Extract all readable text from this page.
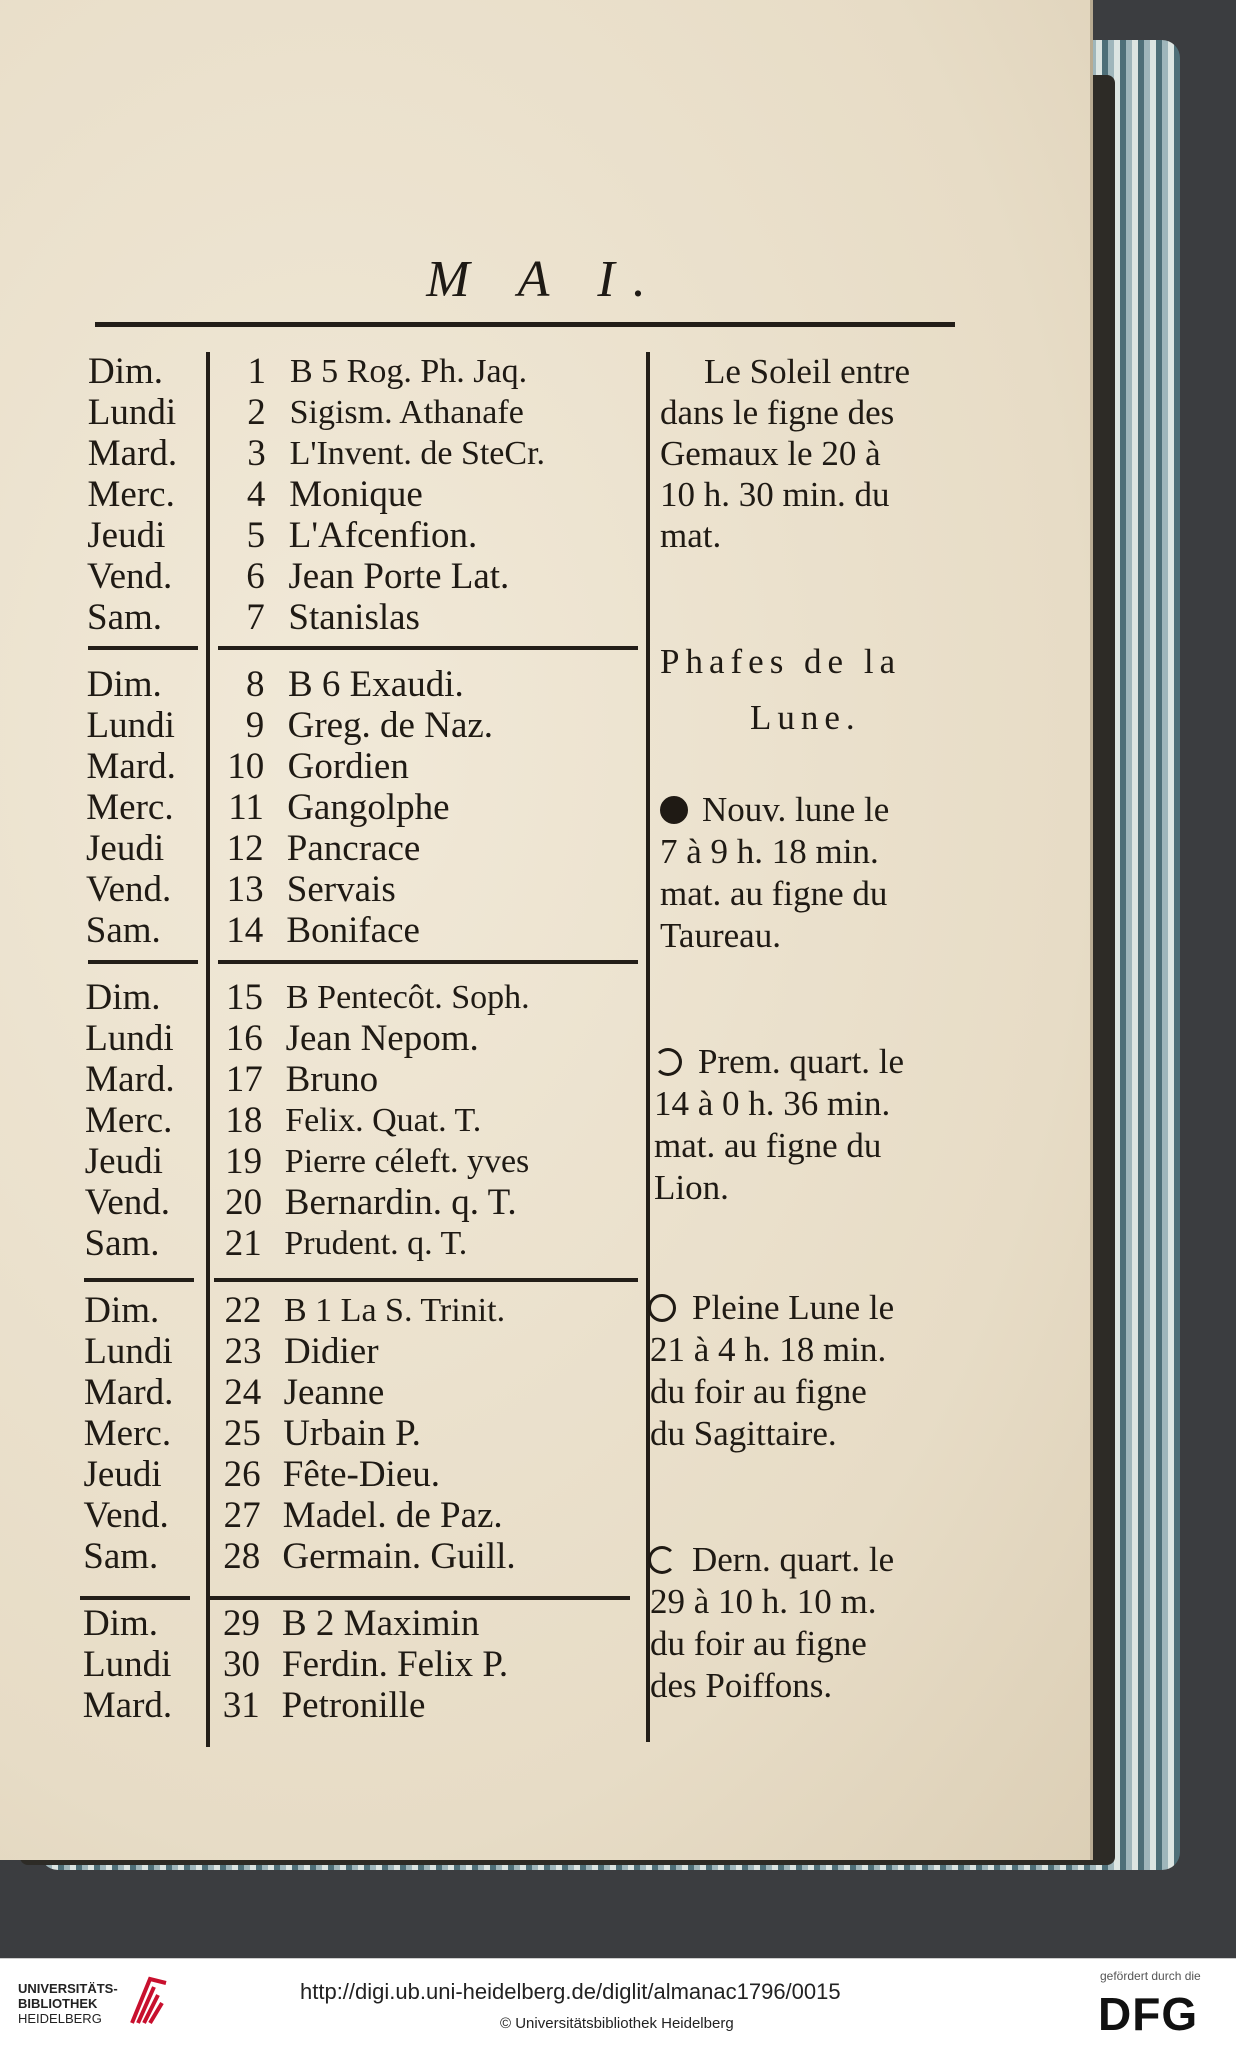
M A I.
Dim.	1 B 5 Rog. Ph. Jaq.
Lundi	2 Sigism. Athanafe
Mard.	3 L'Invent. de SteCr.
Merc.	4 Monique
Jeudi	5 L'Afcenfion.
Vend.	6 Jean Porte Lat.
Sam.	7 Stanislas
Dim.	8 B 6 Exaudi.
Lundi	9 Greg. de Naz.
Mard.	10 Gordien
Merc.	11 Gangolphe
Jeudi	12 Pancrace
Vend.	13 Servais
Sam.	14 Boniface
Dim.	15 B Pentecôt. Soph.
Lundi	16 Jean Nepom.
Mard.	17 Bruno
Merc.	18 Felix. Quat. T.
Jeudi	19 Pierre céleft. yves
Vend.	20 Bernardin. q. T.
Sam.	21 Prudent. q. T.
Dim.	22 B 1 La S. Trinit.
Lundi	23 Didier
Mard.	24 Jeanne
Merc.	25 Urbain P.
Jeudi	26 Fête-Dieu.
Vend.	27 Madel. de Paz.
Sam.	28 Germain. Guill.
Dim.	29 B 2 Maximin
Lundi	30 Ferdin. Felix P.
Mard.	31 Petronille
Le Soleil entre
dans le figne des
Gemaux le 20 à
10 h. 30 min. du
mat.
Phafes de la
Lune.
Nouv. lune le
7 à 9 h. 18 min.
mat. au figne du
Taureau.
Prem. quart. le
14 à 0 h. 36 min.
mat. au figne du
Lion.
Pleine Lune le
21 à 4 h. 18 min.
du foir au figne
du Sagittaire.
Dern. quart. le
29 à 10 h. 10 m.
du foir au figne
des Poiffons.
UNIVERSITÄTS-
BIBLIOTHEK
HEIDELBERG
http://digi.ub.uni-heidelberg.de/diglit/almanac1796/0015
© Universitätsbibliothek Heidelberg
gefördert durch die
DFG
